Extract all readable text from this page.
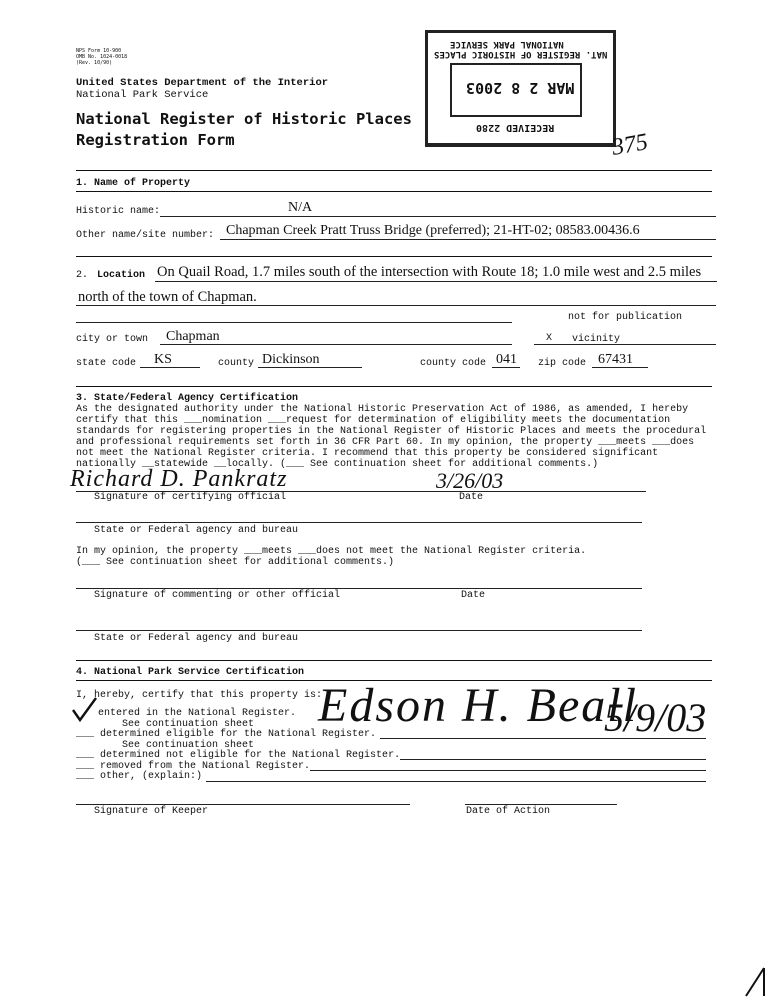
NPS Form 10-900
OMB No. 1024-0018
(Rev. 10/90)
United States Department of the Interior
National Park Service
National Register of Historic Places
Registration Form
NATIONAL PARK SERVICE
NAT. REGISTER OF HISTORIC PLACES
MAR 2 8 2003
RECEIVED 2280
375
1. Name of Property
Historic name:	N/A
Other name/site number: Chapman Creek Pratt Truss Bridge (preferred); 21-HT-02; 08583.00436.6
2. Location On Quail Road, 1.7 miles south of the intersection with Route 18; 1.0 mile west and 2.5 miles
north of the town of Chapman.
not for publication
city or town Chapman	X vicinity
state code KS	county Dickinson	county code 041 zip code 67431
3. State/Federal Agency Certification
As the designated authority under the National Historic Preservation Act of 1986, as amended, I hereby
certify that this ___nomination ___request for determination of eligibility meets the documentation
standards for registering properties in the National Register of Historic Places and meets the procedural
and professional requirements set forth in 36 CFR Part 60. In my opinion, the property ___meets ___does
not meet the National Register criteria. I recommend that this property be considered significant
nationally __statewide __locally. (___ See continuation sheet for additional comments.)
Richard D. Pankratz	3/26/03
Signature of certifying official	Date
State or Federal agency and bureau
In my opinion, the property ___meets ___does not meet the National Register criteria.
(___ See continuation sheet for additional comments.)
Signature of commenting or other official	Date
State or Federal agency and bureau
4. National Park Service Certification
I, hereby, certify that this property is:
entered in the National Register.
See continuation sheet
___ determined eligible for the National Register.
See continuation sheet
___ determined not eligible for the National Register.
___ removed from the National Register.
___ other, (explain:)
Edson H. Beall
5/9/03
Signature of Keeper	Date of Action
